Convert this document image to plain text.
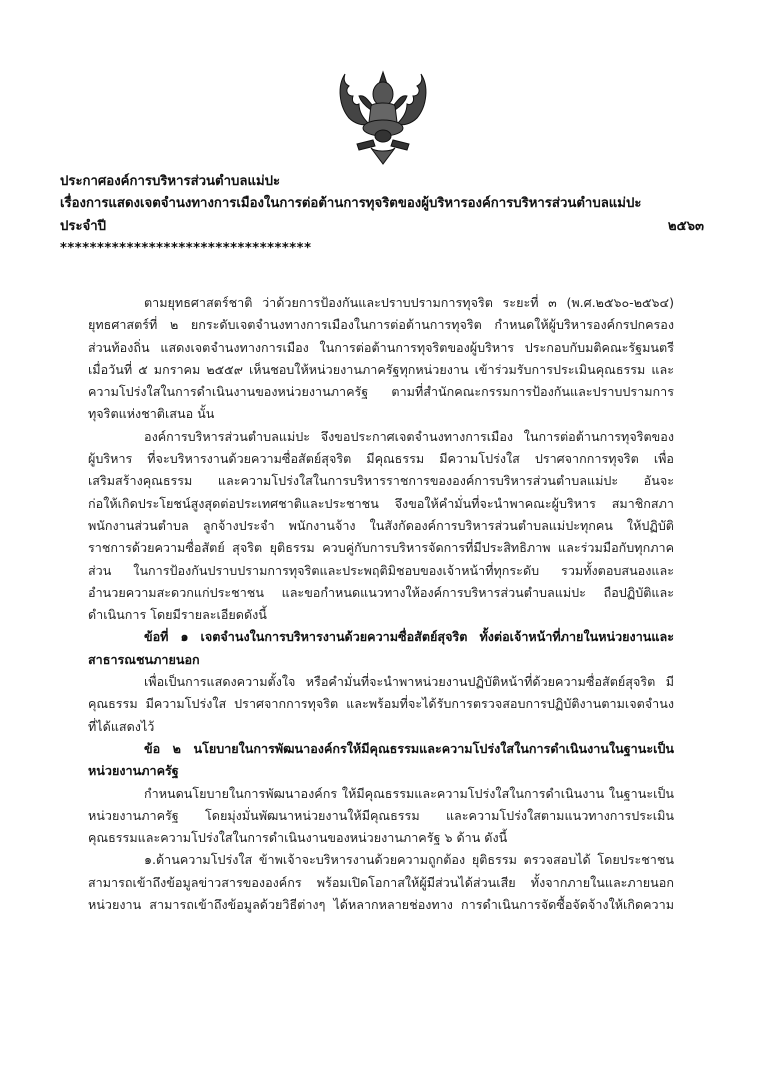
ประกาศองค์การบริหารส่วนตำบลแม่ปะ
เรื่องการแสดงเจตจำนงทางการเมืองในการต่อต้านการทุจริตของผู้บริหารองค์การบริหารส่วนตำบลแม่ปะ
ประจำปี ๒๕๖๓
**********************************
ตามยุทธศาสตร์ชาติ ว่าด้วยการป้องกันและปราบปรามการทุจริต ระยะที่ ๓ (พ.ศ.๒๕๖๐-๒๕๖๔)
ยุทธศาสตร์ที่ ๒ ยกระดับเจตจำนงทางการเมืองในการต่อต้านการทุจริต กำหนดให้ผู้บริหารองค์กรปกครอง
ส่วนท้องถิ่น แสดงเจตจำนงทางการเมือง ในการต่อต้านการทุจริตของผู้บริหาร ประกอบกับมติคณะรัฐมนตรี
เมื่อวันที่ ๕ มกราคม ๒๕๕๙ เห็นชอบให้หน่วยงานภาครัฐทุกหน่วยงาน เข้าร่วมรับการประเมินคุณธรรม และ
ความโปร่งใสในการดำเนินงานของหน่วยงานภาครัฐ ตามที่สำนักคณะกรรมการป้องกันและปราบปรามการ
ทุจริตแห่งชาติเสนอ นั้น
องค์การบริหารส่วนตำบลแม่ปะ จึงขอประกาศเจตจำนงทางการเมือง ในการต่อต้านการทุจริตของ
ผู้บริหาร ที่จะบริหารงานด้วยความซื่อสัตย์สุจริต มีคุณธรรม มีความโปร่งใส ปราศจากการทุจริต เพื่อ
เสริมสร้างคุณธรรม และความโปร่งใสในการบริหารราชการขององค์การบริหารส่วนตำบลแม่ปะ อันจะ
ก่อให้เกิดประโยชน์สูงสุดต่อประเทศชาติและประชาชน จึงขอให้คำมั่นที่จะนำพาคณะผู้บริหาร สมาชิกสภา
พนักงานส่วนตำบล ลูกจ้างประจำ พนักงานจ้าง ในสังกัดองค์การบริหารส่วนตำบลแม่ปะทุกคน ให้ปฏิบัติ
ราชการด้วยความซื่อสัตย์ สุจริต ยุติธรรม ควบคู่กับการบริหารจัดการที่มีประสิทธิภาพ และร่วมมือกับทุกภาค
ส่วน ในการป้องกันปราบปรามการทุจริตและประพฤติมิชอบของเจ้าหน้าที่ทุกระดับ รวมทั้งตอบสนองและ
อำนวยความสะดวกแก่ประชาชน และขอกำหนดแนวทางให้องค์การบริหารส่วนตำบลแม่ปะ ถือปฏิบัติและ
ดำเนินการ โดยมีรายละเอียดดังนี้
ข้อที่ ๑ เจตจำนงในการบริหารงานด้วยความซื่อสัตย์สุจริต ทั้งต่อเจ้าหน้าที่ภายในหน่วยงานและ
สาธารณชนภายนอก
เพื่อเป็นการแสดงความตั้งใจ หรือคำมั่นที่จะนำพาหน่วยงานปฏิบัติหน้าที่ด้วยความซื่อสัตย์สุจริต มี
คุณธรรม มีความโปร่งใส ปราศจากการทุจริต และพร้อมที่จะได้รับการตรวจสอบการปฏิบัติงานตามเจตจำนง
ที่ได้แสดงไว้
ข้อ ๒ นโยบายในการพัฒนาองค์กรให้มีคุณธรรมและความโปร่งใสในการดำเนินงานในฐานะเป็น
หน่วยงานภาครัฐ
กำหนดนโยบายในการพัฒนาองค์กร ให้มีคุณธรรมและความโปร่งใสในการดำเนินงาน ในฐานะเป็น
หน่วยงานภาครัฐ โดยมุ่งมั่นพัฒนาหน่วยงานให้มีคุณธรรม และความโปร่งใสตามแนวทางการประเมิน
คุณธรรมและความโปร่งใสในการดำเนินงานของหน่วยงานภาครัฐ ๖ ด้าน ดังนี้
๑.ด้านความโปร่งใส ข้าพเจ้าจะบริหารงานด้วยความถูกต้อง ยุติธรรม ตรวจสอบได้ โดยประชาชน
สามารถเข้าถึงข้อมูลข่าวสารขององค์กร พร้อมเปิดโอกาสให้ผู้มีส่วนได้ส่วนเสีย ทั้งจากภายในและภายนอก
หน่วยงาน สามารถเข้าถึงข้อมูลด้วยวิธีต่างๆ ได้หลากหลายช่องทาง การดำเนินการจัดซื้อจัดจ้างให้เกิดความ
